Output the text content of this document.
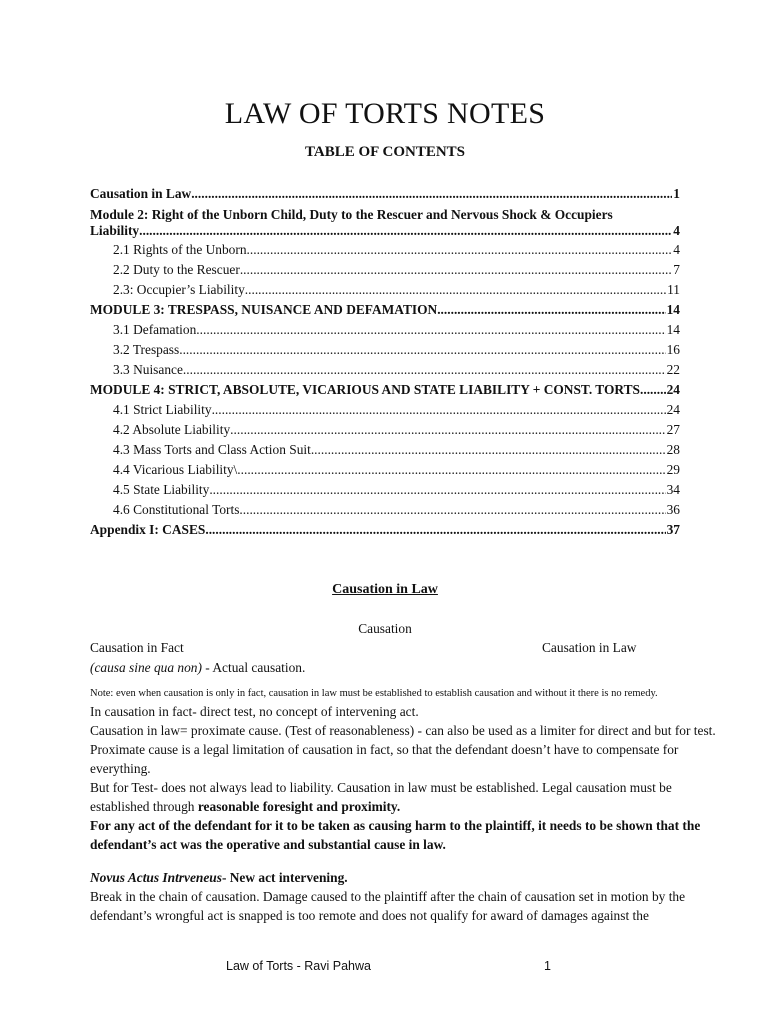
LAW OF TORTS NOTES
TABLE OF CONTENTS
Causation in Law .....	1
Module 2: Right of the Unborn Child, Duty to the Rescuer and Nervous Shock & Occupiers
Liability .....	4
2.1 Rights of the Unborn .....	4
2.2 Duty to the Rescuer .....	7
2.3: Occupier’s Liability .....	11
MODULE 3: TRESPASS, NUISANCE AND DEFAMATION .....	14
3.1 Defamation .....	14
3.2 Trespass .....	16
3.3 Nuisance .....	22
MODULE 4: STRICT, ABSOLUTE, VICARIOUS AND STATE LIABILITY + CONST. TORTS ..... 24
4.1 Strict Liability .....	24
4.2 Absolute Liability .....	27
4.3 Mass Torts and Class Action Suit .....	28
4.4 Vicarious Liability\ .....	29
4.5 State Liability .....	34
4.6 Constitutional Torts .....	36
Appendix I: CASES .....	37
Causation in Law
Causation
Causation in Fact	Causation in Law

(causa sine qua non) - Actual causation.

Note: even when causation is only in fact, causation in law must be established to establish causation and without it there is no remedy.

In causation in fact- direct test, no concept of intervening act.

Causation in law= proximate cause. (Test of reasonableness) - can also be used as a limiter for direct and but for test. Proximate cause is a legal limitation of causation in fact, so that the defendant doesn’t have to compensate for everything.

But for Test- does not always lead to liability. Causation in law must be established. Legal causation must be established through reasonable foresight and proximity.

For any act of the defendant for it to be taken as causing harm to the plaintiff, it needs to be shown that the defendant’s act was the operative and substantial cause in law.

Novus Actus Intrveneus- New act intervening.

Break in the chain of causation. Damage caused to the plaintiff after the chain of causation set in motion by the defendant’s wrongful act is snapped is too remote and does not qualify for award of damages against the

Law of Torts - Ravi Pahwa	1
